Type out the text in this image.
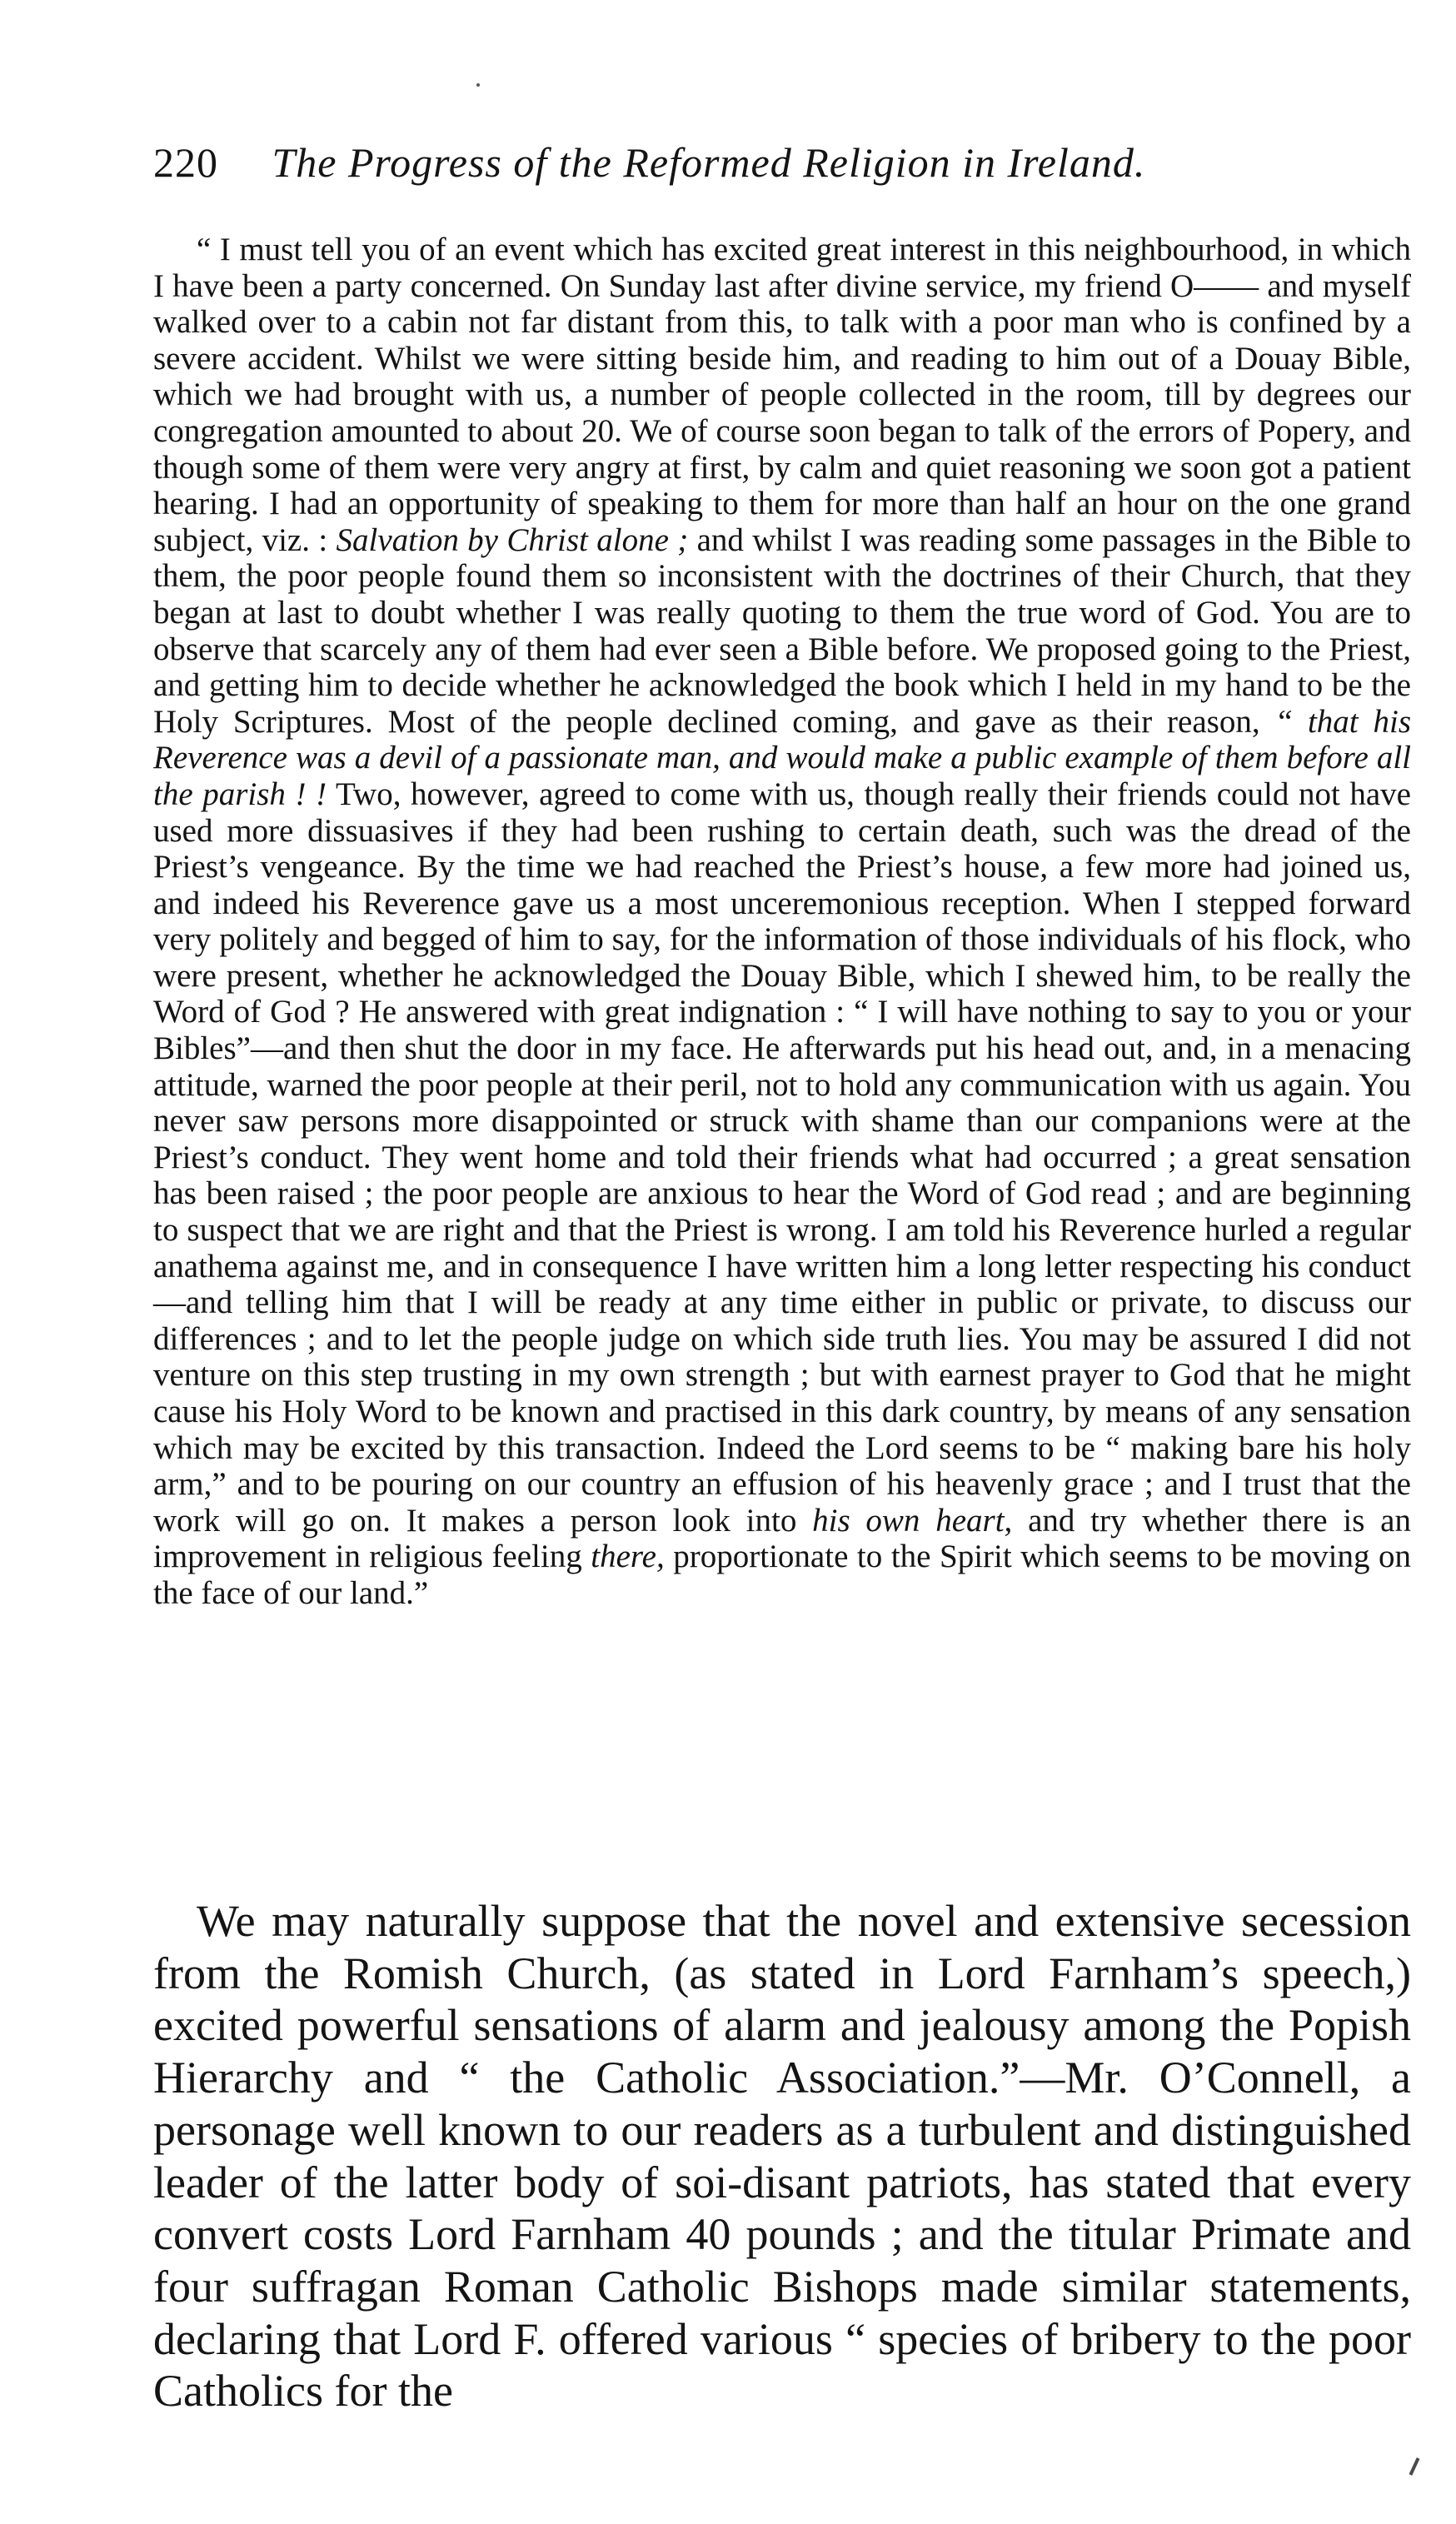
220 The Progress of the Reformed Religion in Ireland.

“ I must tell you of an event which has excited great interest in this neighbourhood, in which I have been a party concerned. On Sunday last after divine service, my friend O—— and myself walked over to a cabin not far distant from this, to talk with a poor man who is confined by a severe accident. Whilst we were sitting beside him, and reading to him out of a Douay Bible, which we had brought with us, a number of people collected in the room, till by degrees our congregation amounted to about 20. We of course soon began to talk of the errors of Popery, and though some of them were very angry at first, by calm and quiet reasoning we soon got a patient hearing. I had an opportunity of speaking to them for more than half an hour on the one grand subject, viz. : Salvation by Christ alone ; and whilst I was reading some passages in the Bible to them, the poor people found them so inconsistent with the doctrines of their Church, that they began at last to doubt whether I was really quoting to them the true word of God. You are to observe that scarcely any of them had ever seen a Bible before. We proposed going to the Priest, and getting him to decide whether he acknowledged the book which I held in my hand to be the Holy Scriptures. Most of the people declined coming, and gave as their reason, “ that his Reverence was a devil of a passionate man, and would make a public example of them before all the parish ! ! Two, however, agreed to come with us, though really their friends could not have used more dissuasives if they had been rushing to certain death, such was the dread of the Priest’s vengeance. By the time we had reached the Priest’s house, a few more had joined us, and indeed his Reverence gave us a most unceremonious reception. When I stepped forward very politely and begged of him to say, for the information of those individuals of his flock, who were present, whether he acknowledged the Douay Bible, which I shewed him, to be really the Word of God ? He answered with great indignation : “ I will have nothing to say to you or your Bibles”—and then shut the door in my face. He afterwards put his head out, and, in a menacing attitude, warned the poor people at their peril, not to hold any communication with us again. You never saw persons more disappointed or struck with shame than our companions were at the Priest’s conduct. They went home and told their friends what had occurred ; a great sensation has been raised ; the poor people are anxious to hear the Word of God read ; and are beginning to suspect that we are right and that the Priest is wrong. I am told his Reverence hurled a regular anathema against me, and in consequence I have written him a long letter respecting his conduct—and telling him that I will be ready at any time either in public or private, to discuss our differences ; and to let the people judge on which side truth lies. You may be assured I did not venture on this step trusting in my own strength ; but with earnest prayer to God that he might cause his Holy Word to be known and practised in this dark country, by means of any sensation which may be excited by this transaction. Indeed the Lord seems to be “ making bare his holy arm,” and to be pouring on our country an effusion of his heavenly grace ; and I trust that the work will go on. It makes a person look into his own heart, and try whether there is an improvement in religious feeling there, proportionate to the Spirit which seems to be moving on the face of our land.”

We may naturally suppose that the novel and extensive secession from the Romish Church, (as stated in Lord Farnham’s speech,) excited powerful sensations of alarm and jealousy among the Popish Hierarchy and “ the Catholic Association.”—Mr. O’Connell, a personage well known to our readers as a turbulent and distinguished leader of the latter body of soi-disant patriots, has stated that every convert costs Lord Farnham 40 pounds ; and the titular Primate and four suffragan Roman Catholic Bishops made similar statements, declaring that Lord F. offered various “ species of bribery to the poor Catholics for the
